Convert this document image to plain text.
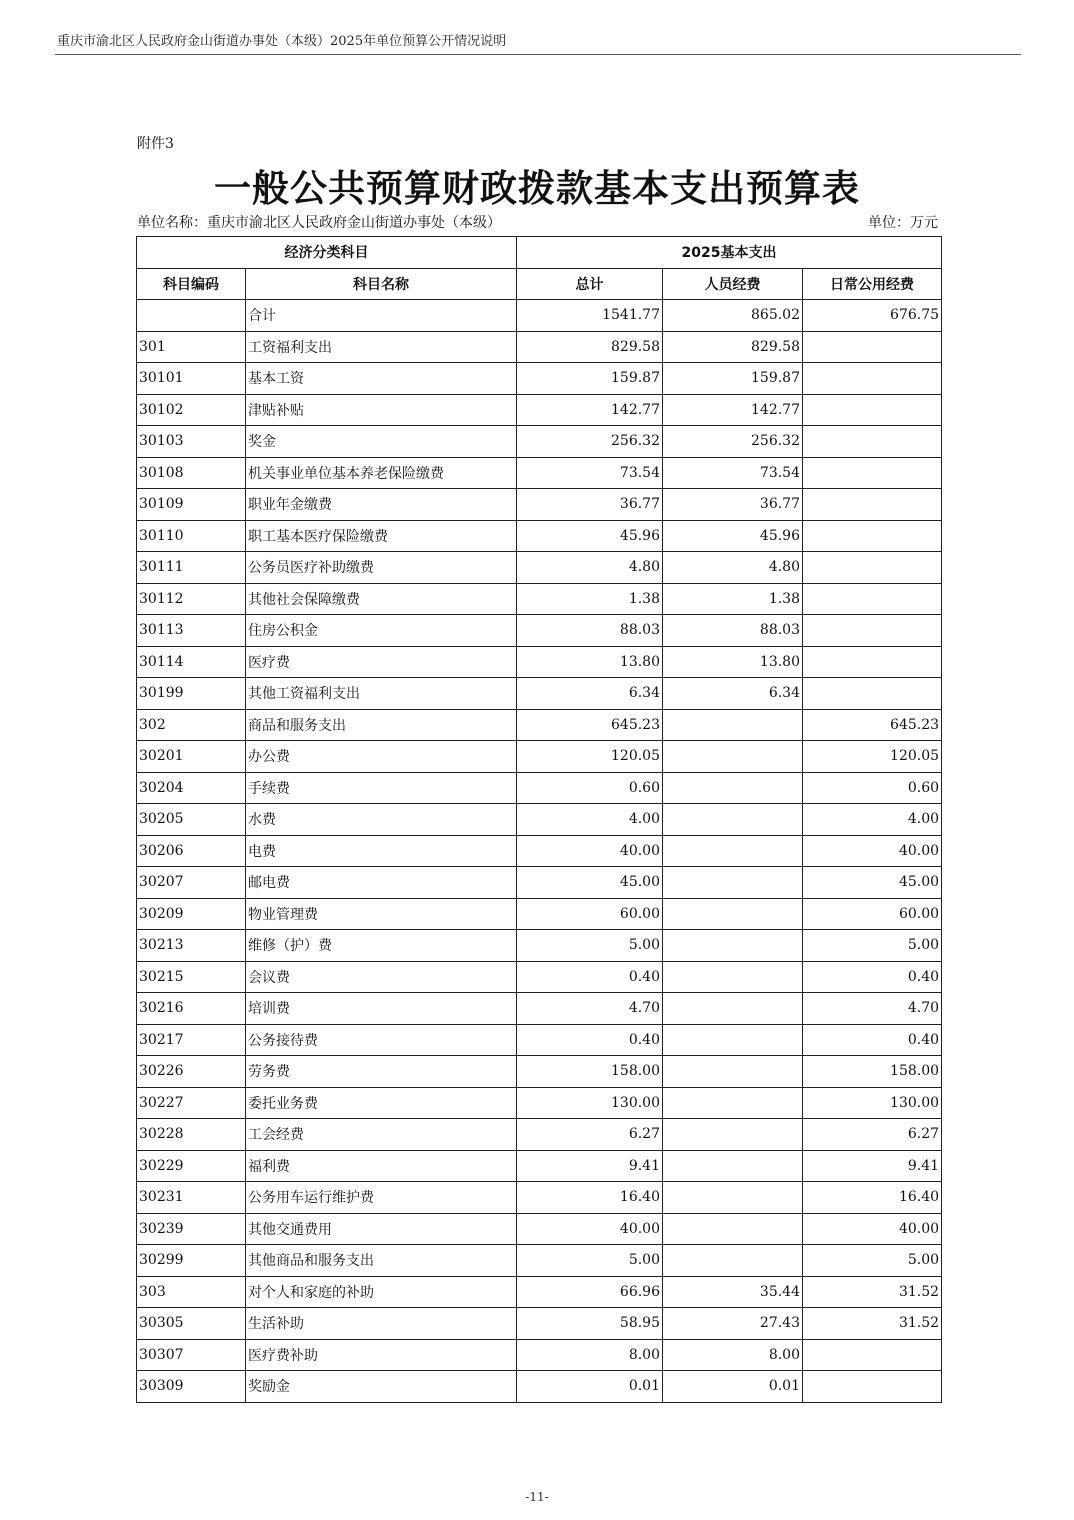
重庆市渝北区人民政府金山街道办事处（本级）2025年单位预算公开情况说明
附件3
一般公共预算财政拨款基本支出预算表
单位名称：重庆市渝北区人民政府金山街道办事处（本级）	单位：万元
经济分类科目		2025基本支出		
科目编码	科目名称	总计	人员经费	日常公用经费
	合计	1541.77	865.02	676.75
301	工资福利支出	829.58	829.58	
30101	基本工资	159.87	159.87	
30102	津贴补贴	142.77	142.77	
30103	奖金	256.32	256.32	
30108	机关事业单位基本养老保险缴费	73.54	73.54	
30109	职业年金缴费	36.77	36.77	
30110	职工基本医疗保险缴费	45.96	45.96	
30111	公务员医疗补助缴费	4.80	4.80	
30112	其他社会保障缴费	1.38	1.38	
30113	住房公积金	88.03	88.03	
30114	医疗费	13.80	13.80	
30199	其他工资福利支出	6.34	6.34	
302	商品和服务支出	645.23		645.23
30201	办公费	120.05		120.05
30204	手续费	0.60		0.60
30205	水费	4.00		4.00
30206	电费	40.00		40.00
30207	邮电费	45.00		45.00
30209	物业管理费	60.00		60.00
30213	维修（护）费	5.00		5.00
30215	会议费	0.40		0.40
30216	培训费	4.70		4.70
30217	公务接待费	0.40		0.40
30226	劳务费	158.00		158.00
30227	委托业务费	130.00		130.00
30228	工会经费	6.27		6.27
30229	福利费	9.41		9.41
30231	公务用车运行维护费	16.40		16.40
30239	其他交通费用	40.00		40.00
30299	其他商品和服务支出	5.00		5.00
303	对个人和家庭的补助	66.96	35.44	31.52
30305	生活补助	58.95	27.43	31.52
30307	医疗费补助	8.00	8.00	
30309	奖励金	0.01	0.01	
-11-
